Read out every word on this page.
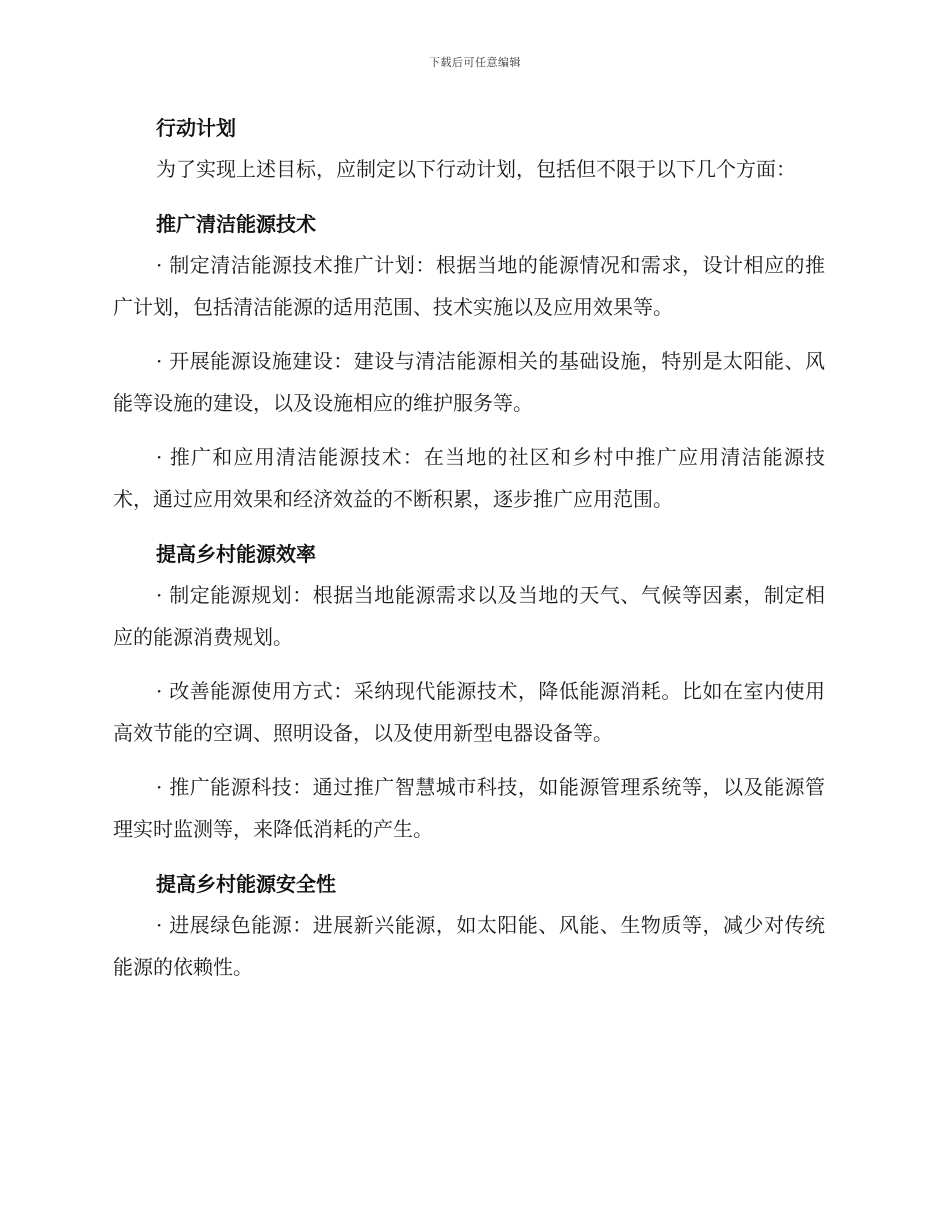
下载后可任意编辑
行动计划

为了实现上述目标，应制定以下行动计划，包括但不限于以下几个方面：

推广清洁能源技术

· 制定清洁能源技术推广计划：根据当地的能源情况和需求，设计相应的推广计划，包括清洁能源的适用范围、技术实施以及应用效果等。

· 开展能源设施建设：建设与清洁能源相关的基础设施，特别是太阳能、风能等设施的建设，以及设施相应的维护服务等。

· 推广和应用清洁能源技术：在当地的社区和乡村中推广应用清洁能源技术，通过应用效果和经济效益的不断积累，逐步推广应用范围。

提高乡村能源效率

· 制定能源规划：根据当地能源需求以及当地的天气、气候等因素，制定相应的能源消费规划。

· 改善能源使用方式：采纳现代能源技术，降低能源消耗。比如在室内使用高效节能的空调、照明设备，以及使用新型电器设备等。

· 推广能源科技：通过推广智慧城市科技，如能源管理系统等，以及能源管理实时监测等，来降低消耗的产生。

提高乡村能源安全性

· 进展绿色能源：进展新兴能源，如太阳能、风能、生物质等，减少对传统能源的依赖性。
